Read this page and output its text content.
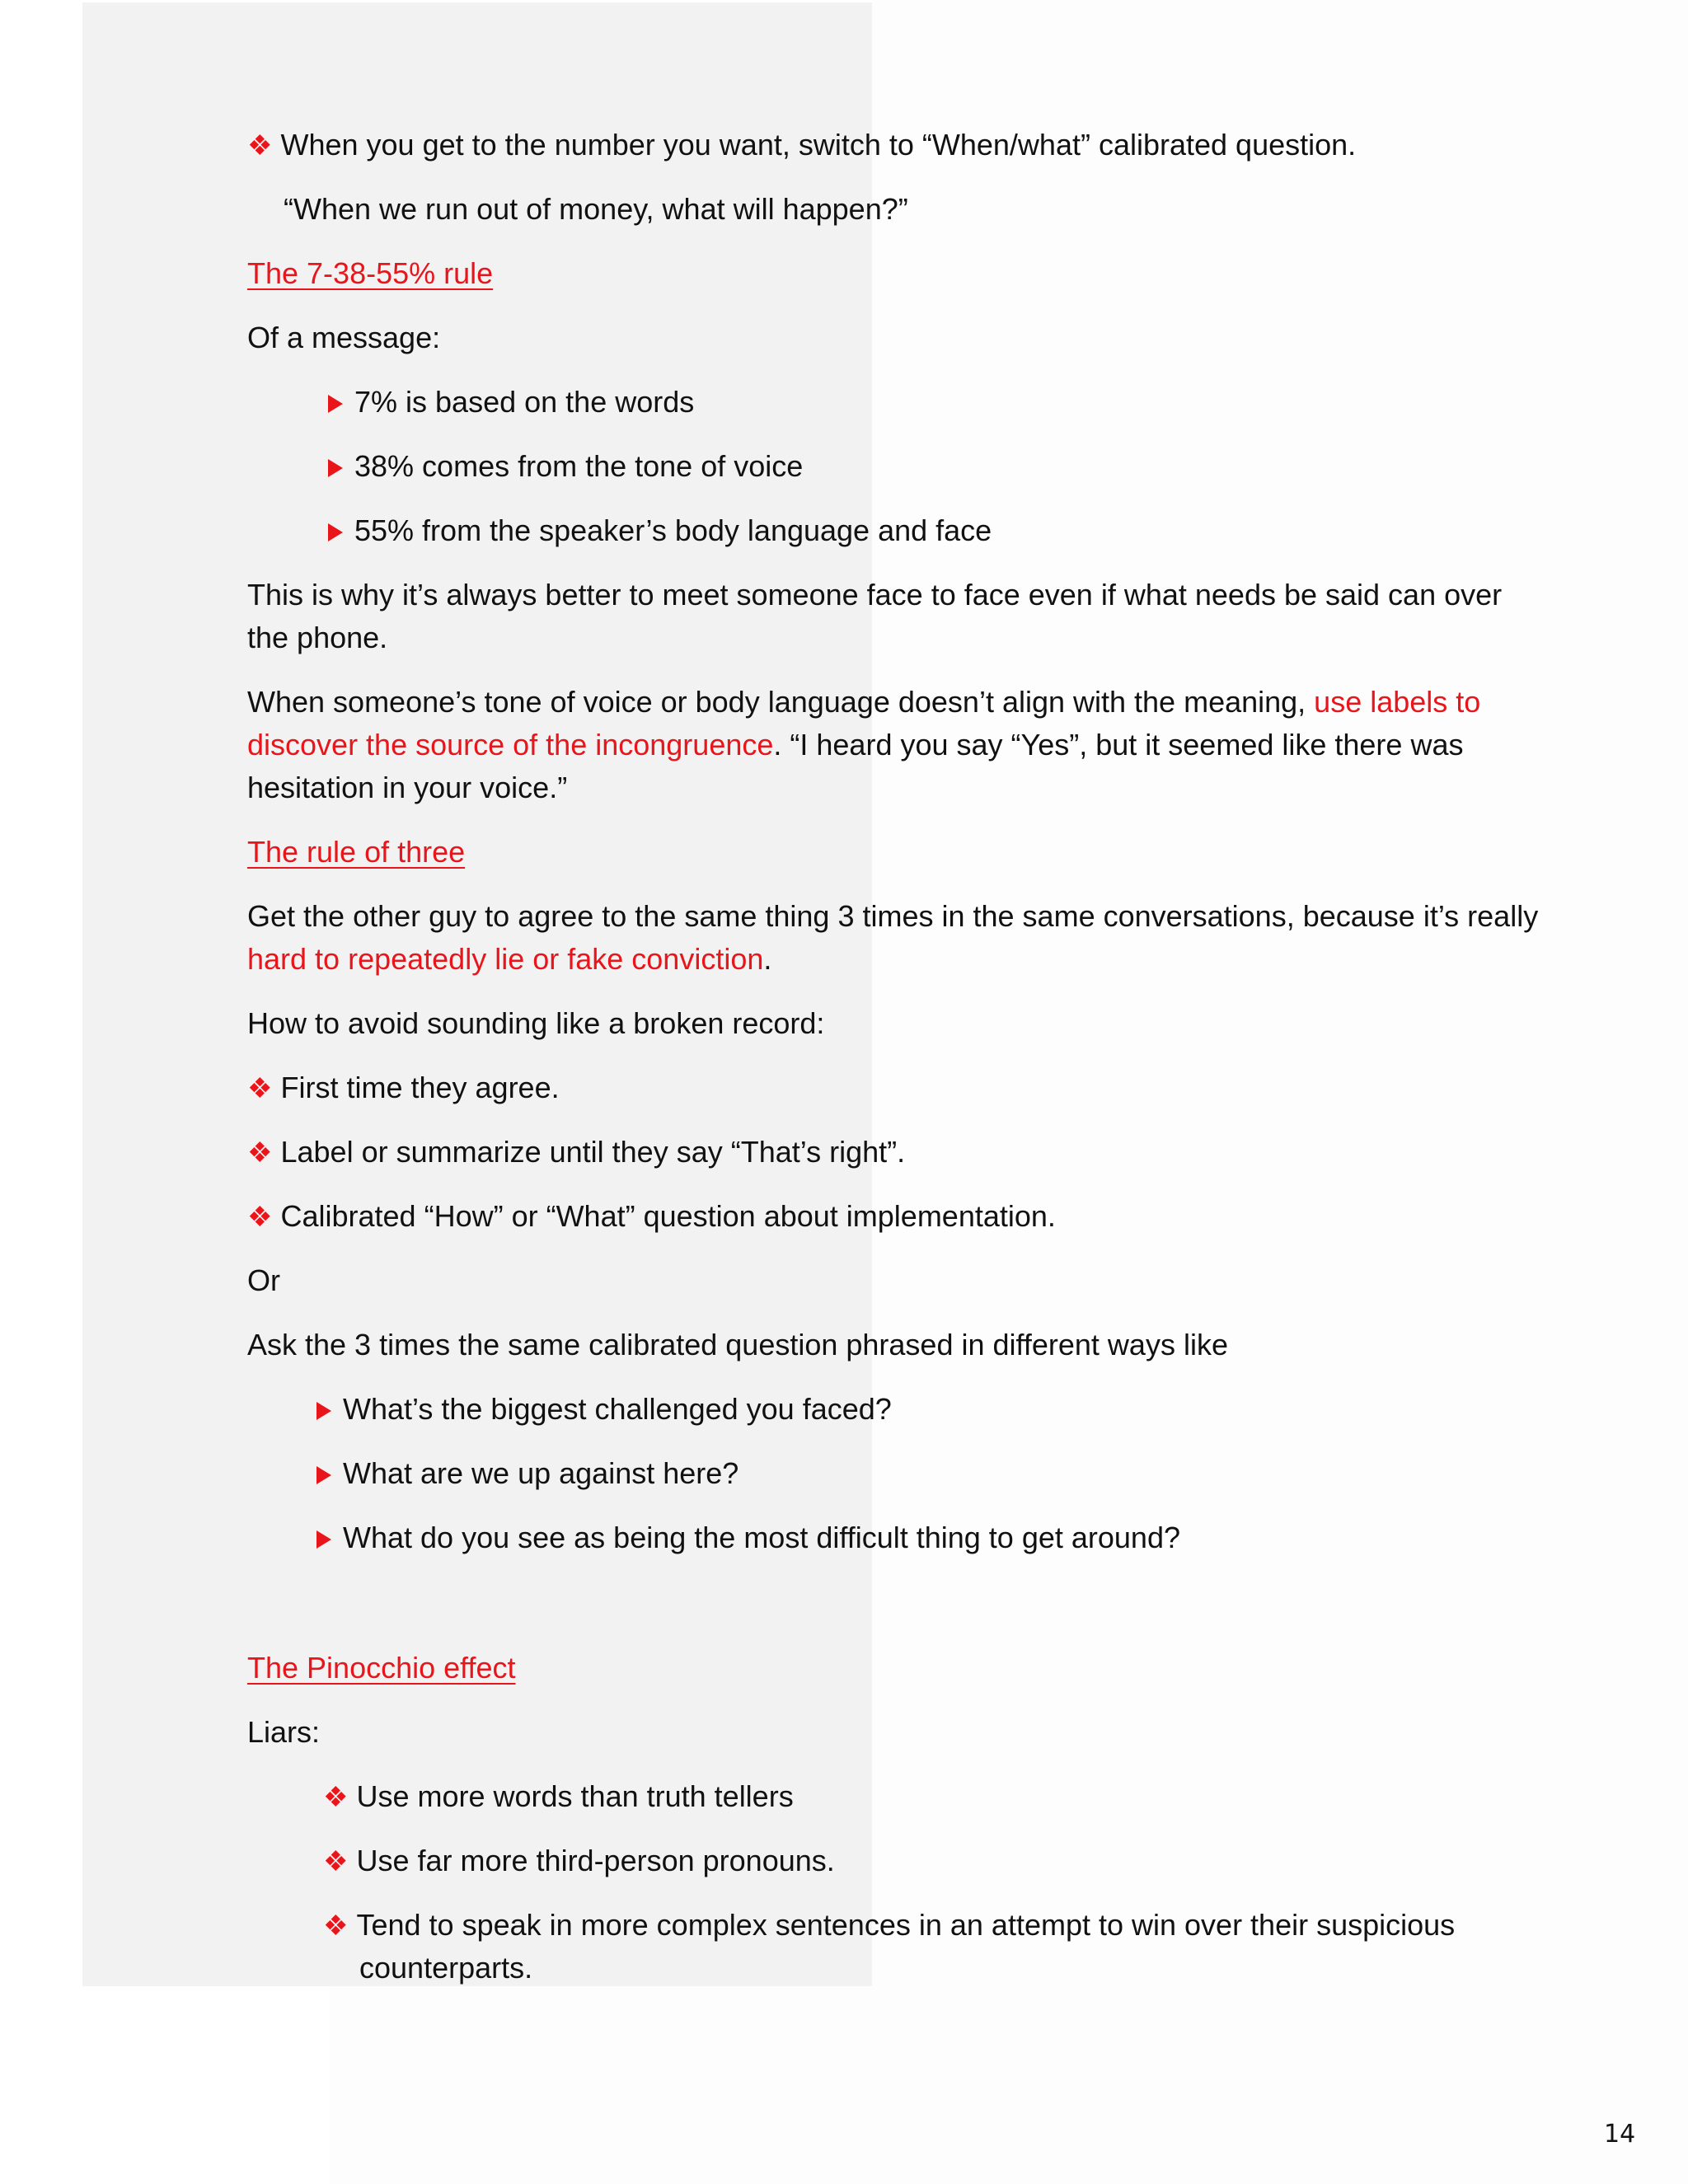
❖ When you get to the number you want, switch to “When/what” calibrated question.
“When we run out of money, what will happen?”
The 7-38-55% rule
Of a message:
7% is based on the words
38% comes from the tone of voice
55% from the speaker’s body language and face
This is why it’s always better to meet someone face to face even if what needs be said can over
the phone.
When someone’s tone of voice or body language doesn’t align with the meaning, use labels to
discover the source of the incongruence. “I heard you say “Yes”, but it seemed like there was
hesitation in your voice.”
The rule of three
Get the other guy to agree to the same thing 3 times in the same conversations, because it’s really
hard to repeatedly lie or fake conviction.
How to avoid sounding like a broken record:
❖ First time they agree.
❖ Label or summarize until they say “That’s right”.
❖ Calibrated “How” or “What” question about implementation.
Or
Ask the 3 times the same calibrated question phrased in different ways like
What’s the biggest challenged you faced?
What are we up against here?
What do you see as being the most difficult thing to get around?
The Pinocchio effect
Liars:
❖ Use more words than truth tellers
❖ Use far more third-person pronouns.
❖ Tend to speak in more complex sentences in an attempt to win over their suspicious
counterparts.
14
